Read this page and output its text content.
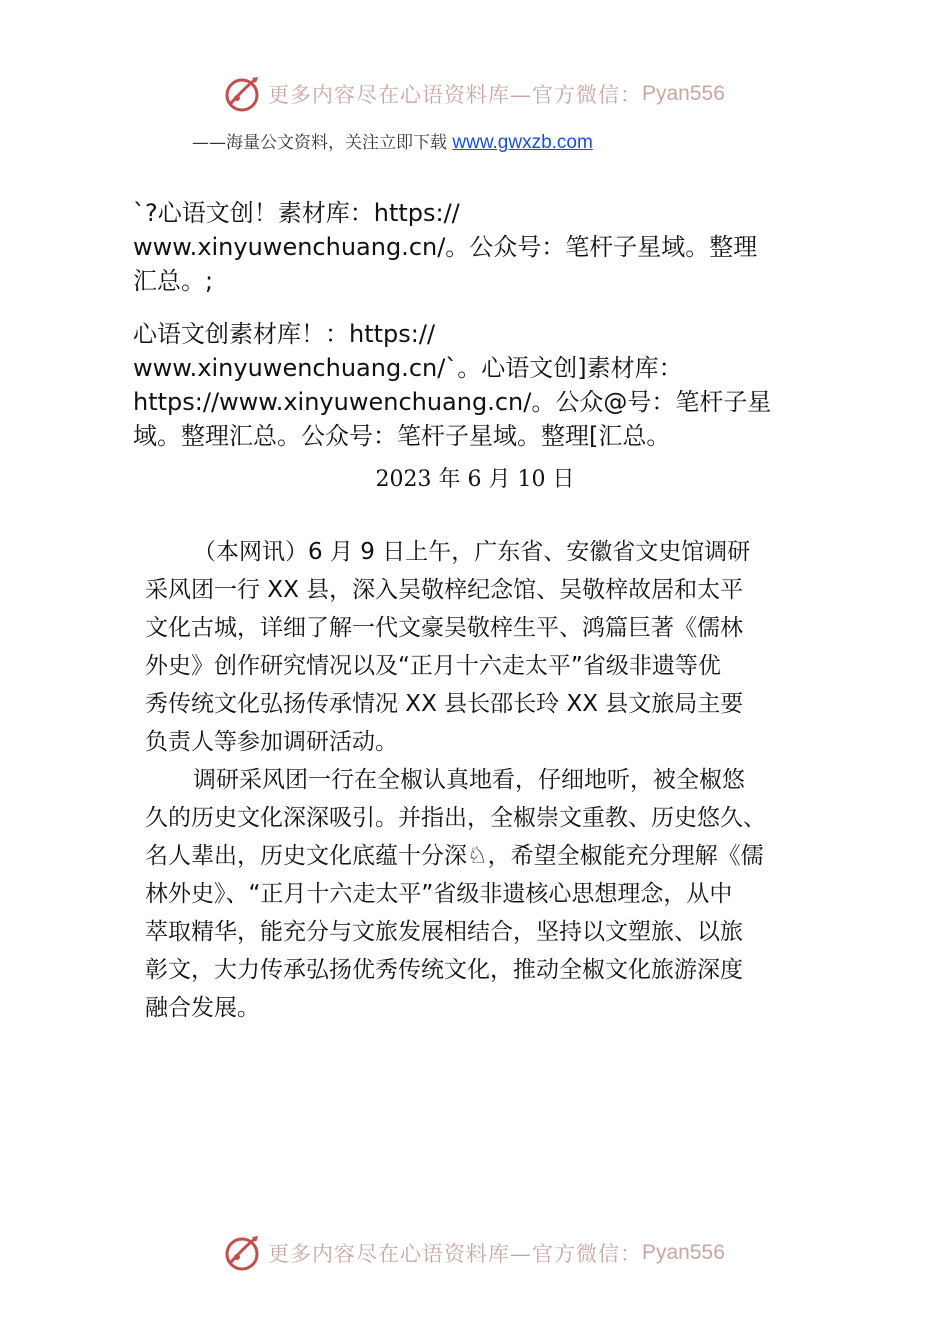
更多内容尽在心语资料库—官方微信： Pyan556
——海量公文资料，关注立即下载 www.gwxzb.com

`?心语文创！素材库：https://
www.xinyuwenchuang.cn/。公众号：笔杆子星域。整理
汇总。;

心语文创素材库！：https://
www.xinyuwenchuang.cn/`。心语文创]素材库：
https://www.xinyuwenchuang.cn/。公众@号：笔杆子星
域。整理汇总。公众号：笔杆子星域。整理[汇总。

2023 年 6 月 10 日

（本网讯）6 月 9 日上午，广东省、安徽省文史馆调研
采风团一行 XX 县，深入吴敬梓纪念馆、吴敬梓故居和太平
文化古城，详细了解一代文豪吴敬梓生平、鸿篇巨著《儒林
外史》创作研究情况以及“正月十六走太平”省级非遗等优
秀传统文化弘扬传承情况 XX 县长邵长玲 XX 县文旅局主要
负责人等参加调研活动。

调研采风团一行在全椒认真地看，仔细地听，被全椒悠
久的历史文化深深吸引。并指出，全椒崇文重教、历史悠久、
名人辈出，历史文化底蕴十分深♘，希望全椒能充分理解《儒
林外史》、“正月十六走太平”省级非遗核心思想理念，从中
萃取精华，能充分与文旅发展相结合，坚持以文塑旅、以旅
彰文，大力传承弘扬优秀传统文化，推动全椒文化旅游深度
融合发展。

更多内容尽在心语资料库—官方微信： Pyan556
